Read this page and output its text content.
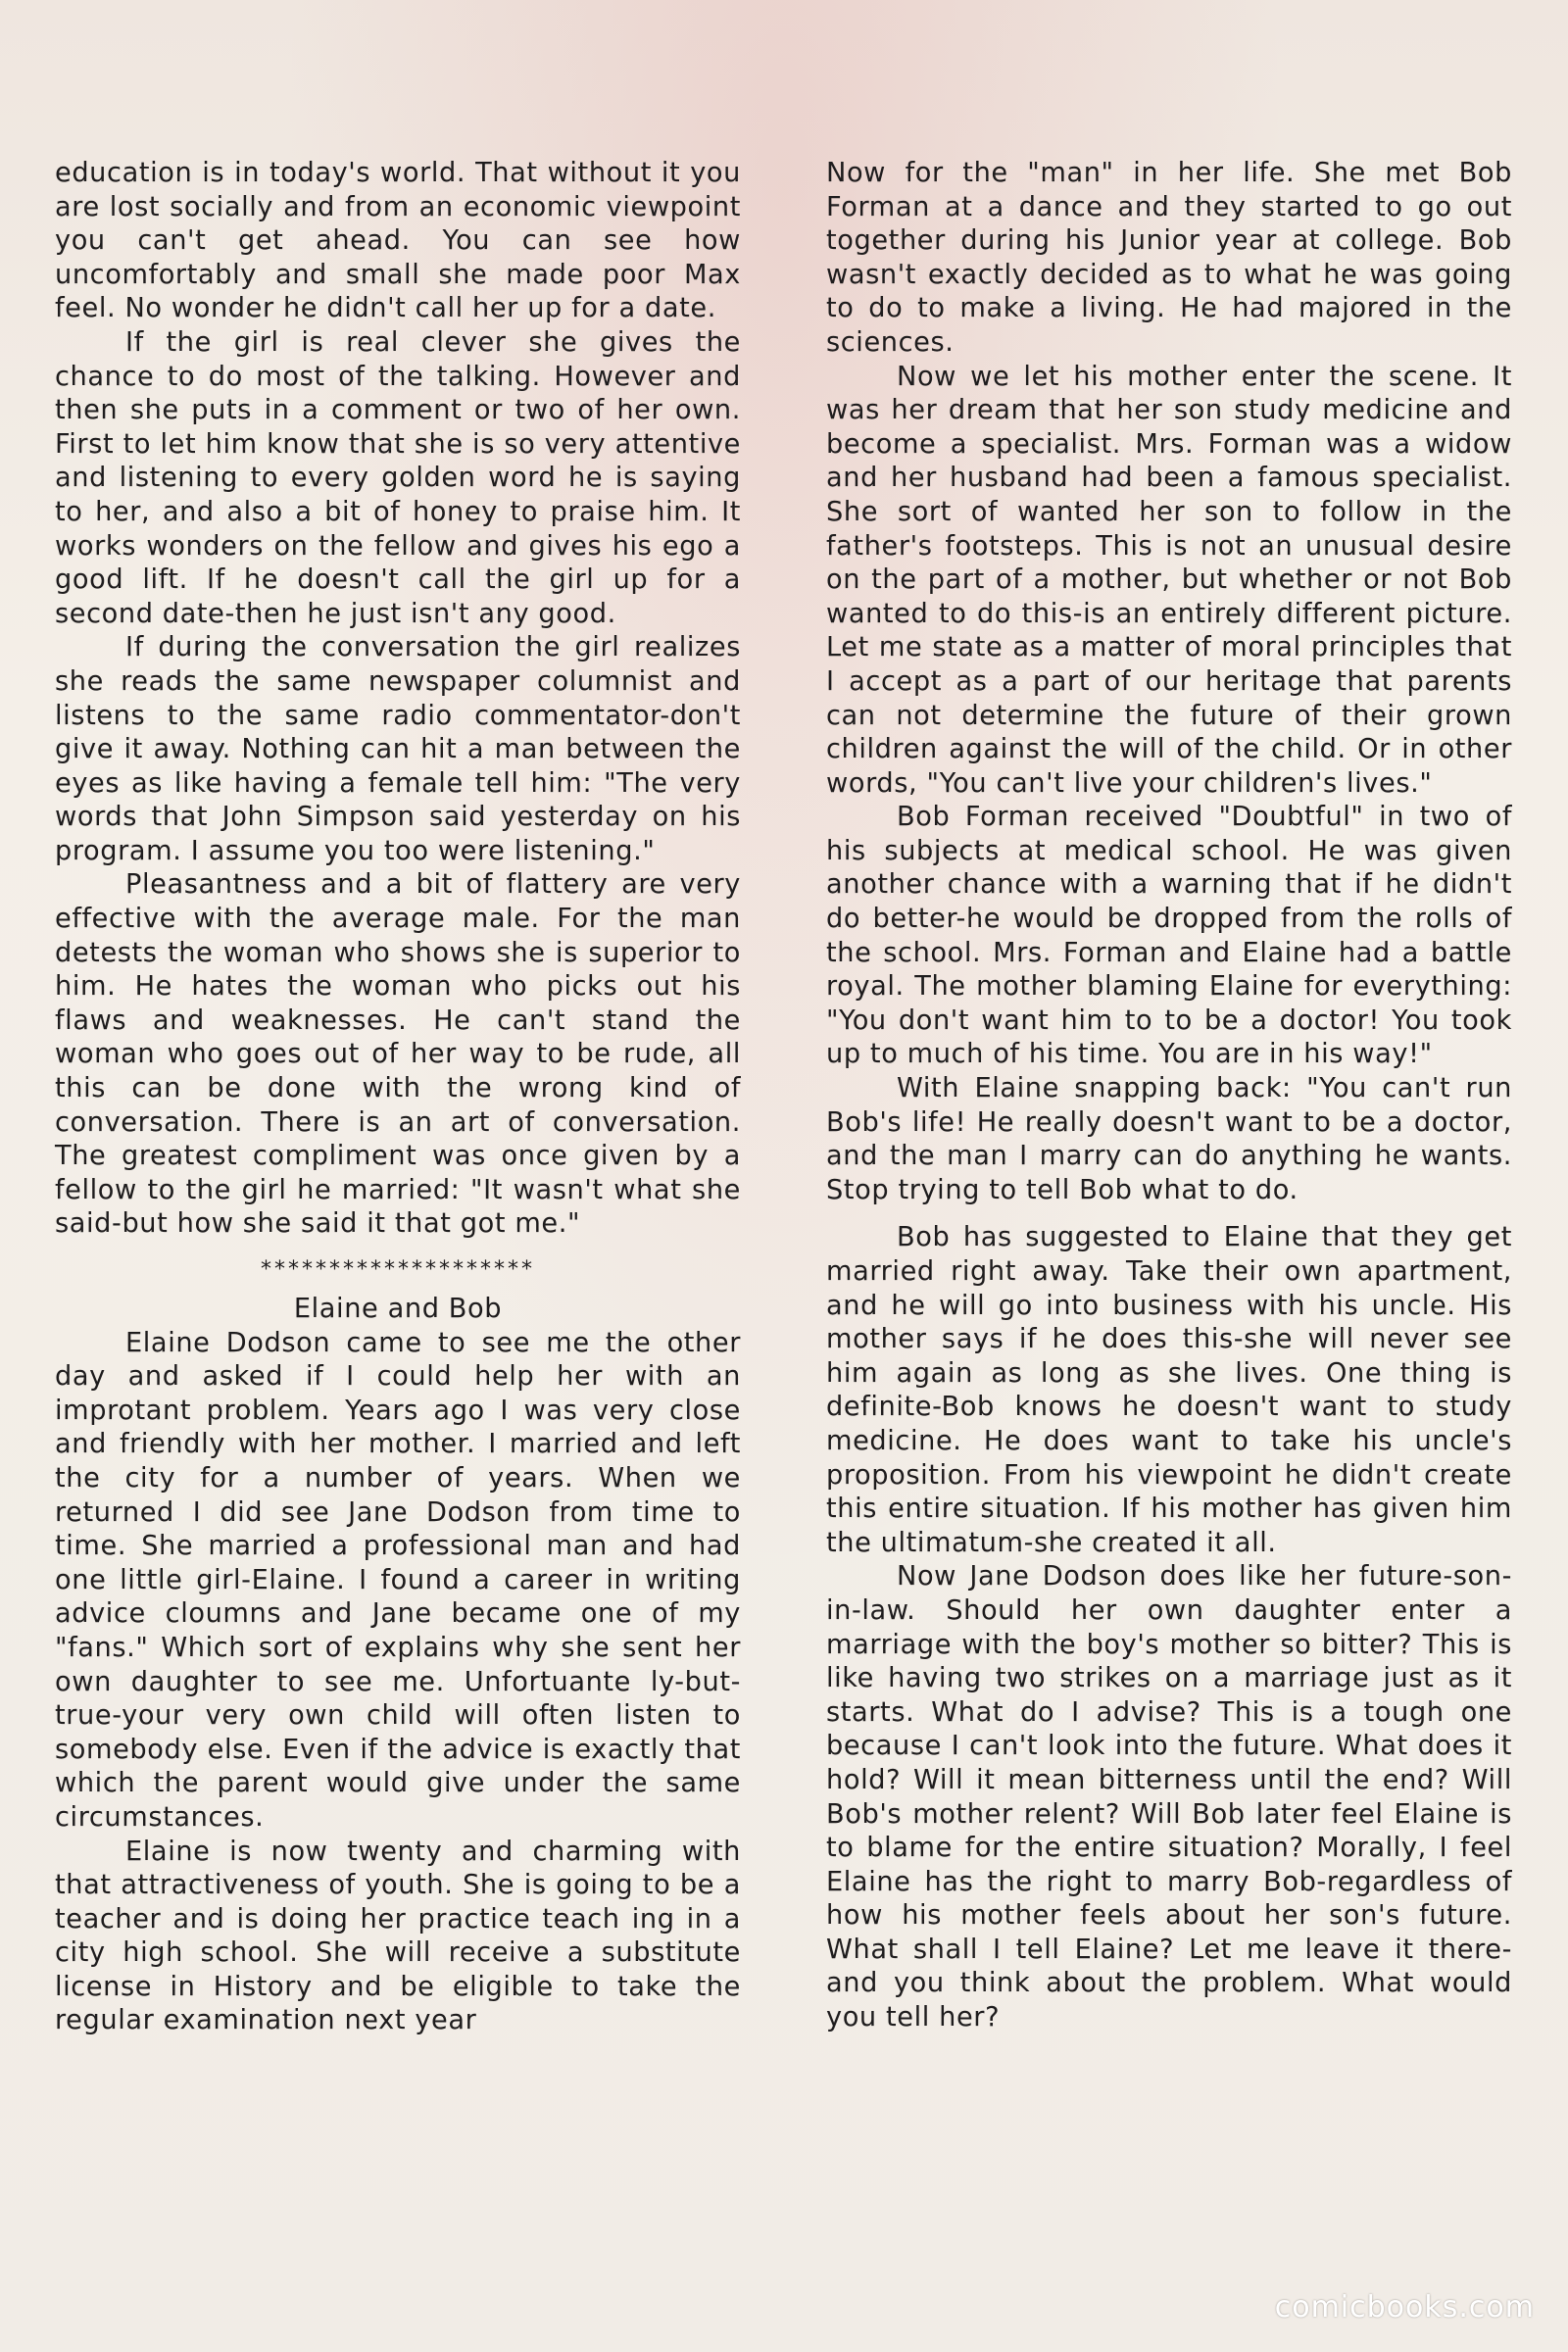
education is in today's world. That without it you are lost socially and from an economic viewpoint you can't get ahead. You can see how uncomfortably and small she made poor Max feel. No wonder he didn't call her up for a date.

If the girl is real clever she gives the chance to do most of the talking. However and then she puts in a comment or two of her own. First to let him know that she is so very attentive and listening to every golden word he is saying to her, and also a bit of honey to praise him. It works wonders on the fellow and gives his ego a good lift. If he doesn't call the girl up for a second date-then he just isn't any good.

If during the conversation the girl realizes she reads the same newspaper columnist and listens to the same radio commentator-don't give it away. Nothing can hit a man between the eyes as like having a female tell him: "The very words that John Simpson said yesterday on his program. I assume you too were listening."

Pleasantness and a bit of flattery are very effective with the average male. For the man detests the woman who shows she is superior to him. He hates the woman who picks out his flaws and weaknesses. He can't stand the woman who goes out of her way to be rude, all this can be done with the wrong kind of conversation. There is an art of conversation. The greatest compliment was once given by a fellow to the girl he married: "It wasn't what she said-but how she said it that got me."

********************

Elaine and Bob

Elaine Dodson came to see me the other day and asked if I could help her with an improtant problem. Years ago I was very close and friendly with her mother. I married and left the city for a number of years. When we returned I did see Jane Dodson from time to time. She married a professional man and had one little girl-Elaine. I found a career in writing advice cloumns and Jane became one of my "fans." Which sort of explains why she sent her own daughter to see me. Unfortuante ly-but-true-your very own child will often listen to somebody else. Even if the advice is exactly that which the parent would give under the same circumstances.

Elaine is now twenty and charming with that attractiveness of youth. She is going to be a teacher and is doing her practice teach ing in a city high school. She will receive a substitute license in History and be eligible to take the regular examination next year

Now for the "man" in her life. She met Bob Forman at a dance and they started to go out together during his Junior year at college. Bob wasn't exactly decided as to what he was going to do to make a living. He had majored in the sciences.

Now we let his mother enter the scene. It was her dream that her son study medicine and become a specialist. Mrs. Forman was a widow and her husband had been a famous specialist. She sort of wanted her son to follow in the father's footsteps. This is not an unusual desire on the part of a mother, but whether or not Bob wanted to do this-is an entirely different picture. Let me state as a matter of moral principles that I accept as a part of our heritage that parents can not determine the future of their grown children against the will of the child. Or in other words, "You can't live your children's lives."

Bob Forman received "Doubtful" in two of his subjects at medical school. He was given another chance with a warning that if he didn't do better-he would be dropped from the rolls of the school. Mrs. Forman and Elaine had a battle royal. The mother blaming Elaine for everything: "You don't want him to to be a doctor! You took up to much of his time. You are in his way!"

With Elaine snapping back: "You can't run Bob's life! He really doesn't want to be a doctor, and the man I marry can do anything he wants. Stop trying to tell Bob what to do.

Bob has suggested to Elaine that they get married right away. Take their own apartment, and he will go into business with his uncle. His mother says if he does this-she will never see him again as long as she lives. One thing is definite-Bob knows he doesn't want to study medicine. He does want to take his uncle's proposition. From his viewpoint he didn't create this entire situation. If his mother has given him the ultimatum-she created it all.

Now Jane Dodson does like her future-son-in-law. Should her own daughter enter a marriage with the boy's mother so bitter? This is like having two strikes on a marriage just as it starts. What do I advise? This is a tough one because I can't look into the future. What does it hold? Will it mean bitterness until the end? Will Bob's mother relent? Will Bob later feel Elaine is to blame for the entire situation? Morally, I feel Elaine has the right to marry Bob-regardless of how his mother feels about her son's future. What shall I tell Elaine? Let me leave it there-and you think about the problem. What would you tell her?

comicbooks.com
